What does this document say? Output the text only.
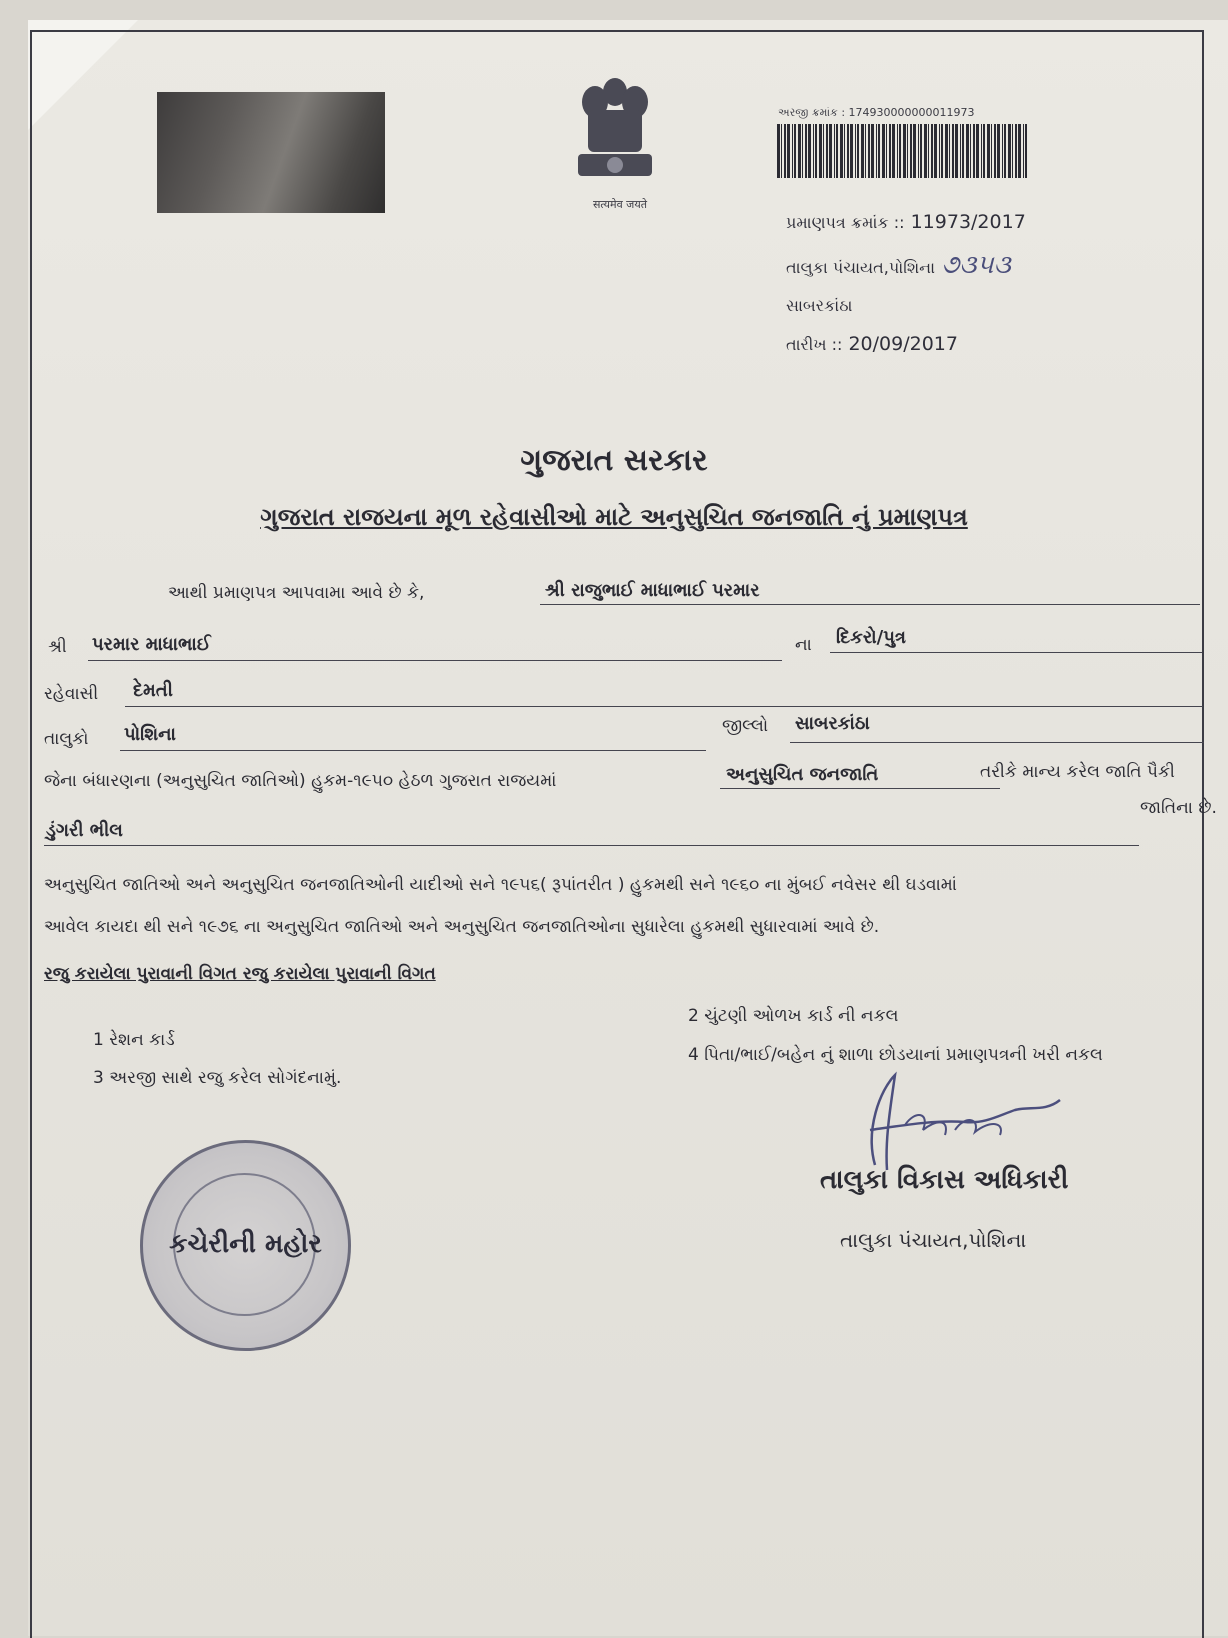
सत्यमेव जयते
અરજી ક્રમાંક : 174930000000011973
પ્રમાણપત્ર ક્રમાંક :: 11973/2017
તાલુકા પંચાયત,પોશિના ૭૩૫૩
સાબરકાંઠા
તારીખ :: 20/09/2017
ગુજરાત સરકાર
ગુજરાત રાજયના મૂળ રહેવાસીઓ માટે અનુસુચિત જનજાતિ નું પ્રમાણપત્ર
આથી પ્રમાણપત્ર આપવામા આવે છે કે,	શ્રી રાજુભાઈ માધાભાઈ પરમાર
શ્રી પરમાર માધાભાઈ	ના દિકરો/પુત્ર
રહેવાસી દેમતી
તાલુકો પોશિના	જીલ્લો સાબરકાંઠા
જેના બંધારણના (અનુસુચિત જાતિઓ) હુકમ-૧૯૫૦ હેઠળ ગુજરાત રાજયમાં	અનુસુચિત જનજાતિ	તરીકે માન્ય કરેલ જાતિ પૈકી
જાતિના છે.
ડુંગરી ભીલ
અનુસુચિત જાતિઓ અને અનુસુચિત જનજાતિઓની યાદીઓ સને ૧૯૫૬( રૂપાંતરીત ) હુકમથી સને ૧૯૬૦ ના મુંબઈ નવેસર થી ઘડવામાં
આવેલ કાયદા થી સને ૧૯૭૬ ના અનુસુચિત જાતિઓ અને અનુસુચિત જનજાતિઓના સુધારેલા હુકમથી સુધારવામાં આવે છે.
રજુ કરાયેલા પુરાવાની વિગત રજુ કરાયેલા પુરાવાની વિગત
1 રેશન કાર્ડ
2 ચુંટણી ઓળખ કાર્ડ ની નકલ
3 અરજી સાથે રજુ કરેલ સોગંદનામું.
4 પિતા/ભાઈ/બહેન નું શાળા છોડયાનાં પ્રમાણપત્રની ખરી નકલ
કચેરીની મહોર
તાલુકા વિકાસ અધિકારી
તાલુકા પંચાયત,પોશિના
